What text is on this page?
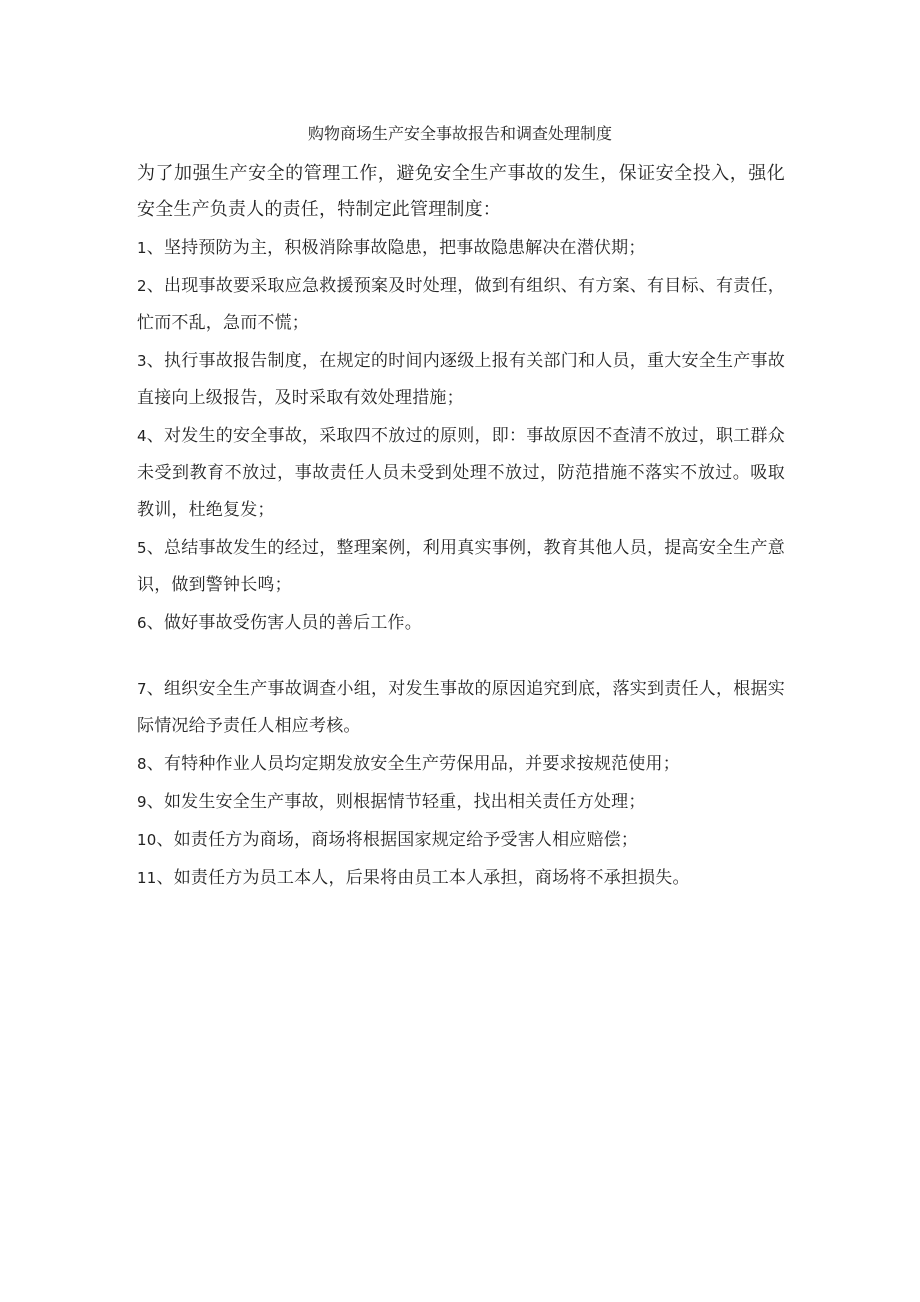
购物商场生产安全事故报告和调查处理制度

为了加强生产安全的管理工作，避免安全生产事故的发生，保证安全投入，强化安全生产负责人的责任，特制定此管理制度：

1、坚持预防为主，积极消除事故隐患，把事故隐患解决在潜伏期；

2、出现事故要采取应急救援预案及时处理，做到有组织、有方案、有目标、有责任，忙而不乱，急而不慌；

3、执行事故报告制度，在规定的时间内逐级上报有关部门和人员，重大安全生产事故直接向上级报告，及时采取有效处理措施；

4、对发生的安全事故，采取四不放过的原则，即：事故原因不查清不放过，职工群众未受到教育不放过，事故责任人员未受到处理不放过，防范措施不落实不放过。吸取教训，杜绝复发；

5、总结事故发生的经过，整理案例，利用真实事例，教育其他人员，提高安全生产意识，做到警钟长鸣；

6、做好事故受伤害人员的善后工作。

7、组织安全生产事故调查小组，对发生事故的原因追究到底，落实到责任人，根据实际情况给予责任人相应考核。

8、有特种作业人员均定期发放安全生产劳保用品，并要求按规范使用；

9、如发生安全生产事故，则根据情节轻重，找出相关责任方处理；

10、如责任方为商场，商场将根据国家规定给予受害人相应赔偿；

11、如责任方为员工本人，后果将由员工本人承担，商场将不承担损失。
